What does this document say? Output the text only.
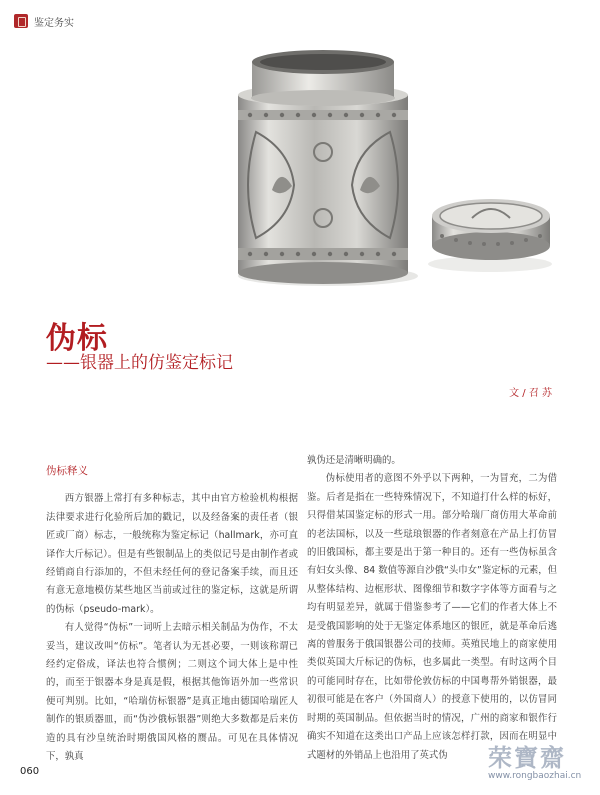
鉴定务实
伪标
——银器上的仿鉴定标记
文 / 召 苏
伪标释义

西方银器上常打有多种标志，其中由官方检验机构根据法律要求进行化验所后加的戳记，以及经备案的责任者（银匠或厂商）标志，一般统称为鉴定标记（hallmark，亦可直译作大斤标记）。但是有些银制品上的类似记号是由制作者或经销商自行添加的，不但未经任何的登记备案手续，而且还有意无意地模仿某些地区当前或过往的鉴定标，这就是所谓的伪标（pseudo-mark）。

有人觉得“伪标”一词听上去暗示相关制品为伪作，不太妥当，建议改叫“仿标”。笔者认为无甚必要，一则该称谓已经约定俗成，译法也符合惯例；二则这个词大体上是中性的，而至于银器本身是真是假，根据其他饰语外加一些常识便可判别。比如，“哈瑞仿标银器”是真正地由德国哈瑞匠人制作的银质器皿，而“伪沙俄标银器”则绝大多数都是后来仿造的具有沙皇统治时期俄国风格的赝品。可见在具体情况下，孰真

孰伪还是清晰明确的。

伪标使用者的意图不外乎以下两种，一为冒充，二为借鉴。后者是指在一些特殊情况下，不知道打什么样的标好，只得借某国鉴定标的形式一用。部分哈瑞厂商仿用大革命前的老法国标，以及一些琺琅银器的作者刻意在产品上打仿冒的旧俄国标，都主要是出于第一种目的。还有一些伪标虽含有妇女头像、84 数值等源自沙俄“头巾女”鉴定标的元素，但从整体结构、边框形状、图像细节和数字字体等方面看与之均有明显差异，就属于借鉴参考了——它们的作者大体上不是受俄国影响的处于无鉴定体系地区的银匠，就是革命后逃离的曾服务于俄国银器公司的技师。英殖民地上的商家使用类似英国大斤标记的伪标，也多属此一类型。有时这两个目的可能同时存在，比如带伦敦仿标的中国粤帮外销银器，最初很可能是在客户（外国商人）的授意下使用的，以仿冒同时期的英国制品。但依据当时的情况，广州的商家和银作行确实不知道在这类出口产品上应该怎样打款，因而在明显中式题材的外销品上也沿用了英式伪

060	荣寶齋
www.rongbaozhai.cn
